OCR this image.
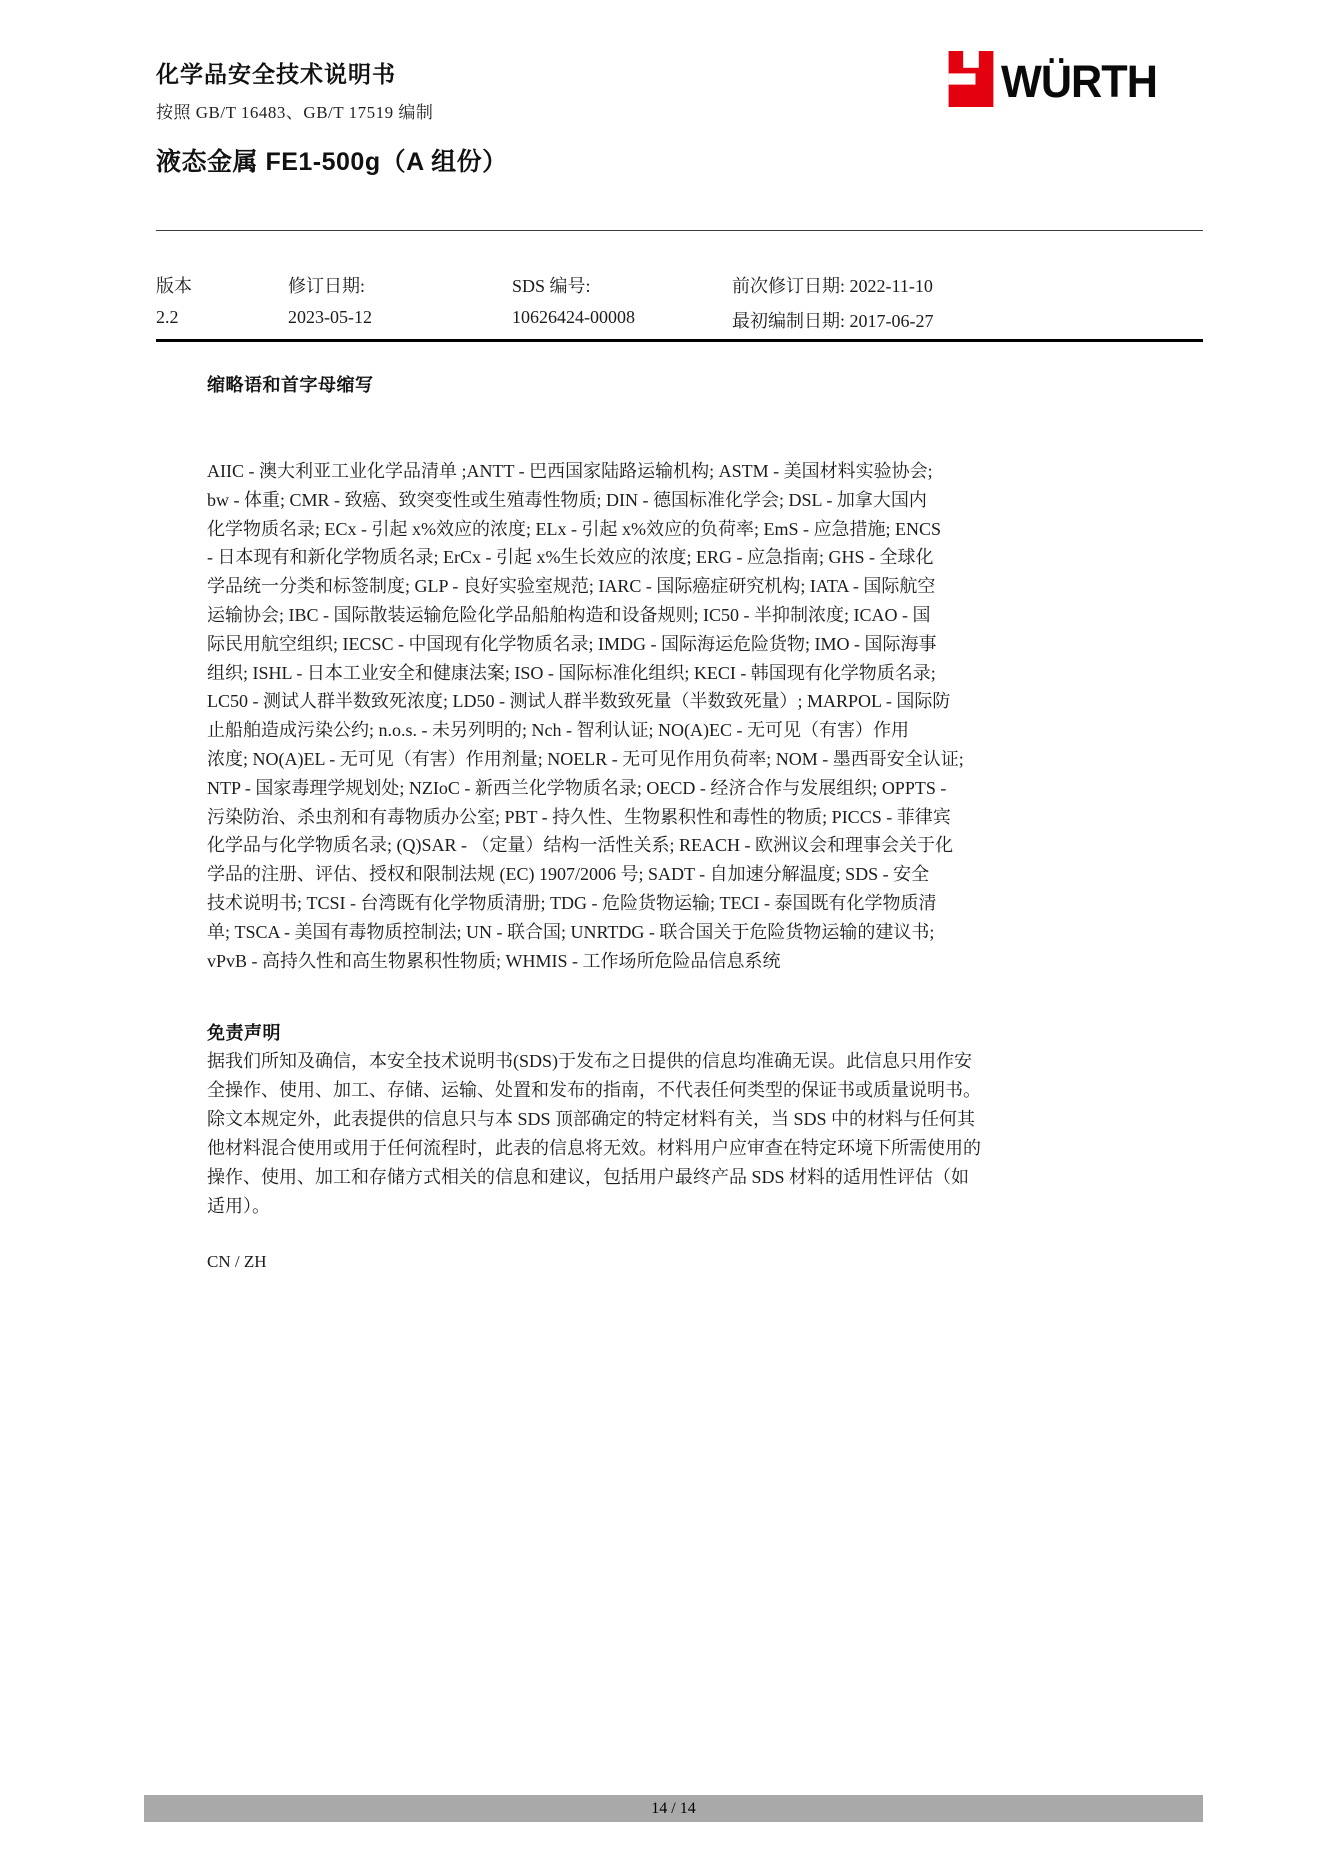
化学品安全技术说明书
按照 GB/T 16483、GB/T 17519 编制
WÜRTH
液态金属 FE1-500g（A 组份）
版本	修订日期:	SDS 编号:	前次修订日期: 2022-11-10
2.2	2023-05-12	10626424-00008	最初编制日期: 2017-06-27
缩略语和首字母缩写
AIIC - 澳大利亚工业化学品清单 ;ANTT - 巴西国家陆路运输机构; ASTM - 美国材料实验协会;
bw - 体重; CMR - 致癌、致突变性或生殖毒性物质; DIN - 德国标准化学会; DSL - 加拿大国内
化学物质名录; ECx - 引起 x%效应的浓度; ELx - 引起 x%效应的负荷率; EmS - 应急措施; ENCS
- 日本现有和新化学物质名录; ErCx - 引起 x%生长效应的浓度; ERG - 应急指南; GHS - 全球化
学品统一分类和标签制度; GLP - 良好实验室规范; IARC - 国际癌症研究机构; IATA - 国际航空
运输协会; IBC - 国际散装运输危险化学品船舶构造和设备规则; IC50 - 半抑制浓度; ICAO - 国
际民用航空组织; IECSC - 中国现有化学物质名录; IMDG - 国际海运危险货物; IMO - 国际海事
组织; ISHL - 日本工业安全和健康法案; ISO - 国际标准化组织; KECI - 韩国现有化学物质名录;
LC50 - 测试人群半数致死浓度; LD50 - 测试人群半数致死量（半数致死量）; MARPOL - 国际防
止船舶造成污染公约; n.o.s. - 未另列明的; Nch - 智利认证; NO(A)EC - 无可见（有害）作用
浓度; NO(A)EL - 无可见（有害）作用剂量; NOELR - 无可见作用负荷率; NOM - 墨西哥安全认证;
NTP - 国家毒理学规划处; NZIoC - 新西兰化学物质名录; OECD - 经济合作与发展组织; OPPTS -
污染防治、杀虫剂和有毒物质办公室; PBT - 持久性、生物累积性和毒性的物质; PICCS - 菲律宾
化学品与化学物质名录; (Q)SAR - （定量）结构一活性关系; REACH - 欧洲议会和理事会关于化
学品的注册、评估、授权和限制法规 (EC) 1907/2006 号; SADT - 自加速分解温度; SDS - 安全
技术说明书; TCSI - 台湾既有化学物质清册; TDG - 危险货物运输; TECI - 泰国既有化学物质清
单; TSCA - 美国有毒物质控制法; UN - 联合国; UNRTDG - 联合国关于危险货物运输的建议书;
vPvB - 高持久性和高生物累积性物质; WHMIS - 工作场所危险品信息系统
免责声明
据我们所知及确信，本安全技术说明书(SDS)于发布之日提供的信息均准确无误。此信息只用作安
全操作、使用、加工、存储、运输、处置和发布的指南，不代表任何类型的保证书或质量说明书。
除文本规定外，此表提供的信息只与本 SDS 顶部确定的特定材料有关，当 SDS 中的材料与任何其
他材料混合使用或用于任何流程时，此表的信息将无效。材料用户应审查在特定环境下所需使用的
操作、使用、加工和存储方式相关的信息和建议，包括用户最终产品 SDS 材料的适用性评估（如
适用）。
CN / ZH
14 / 14
